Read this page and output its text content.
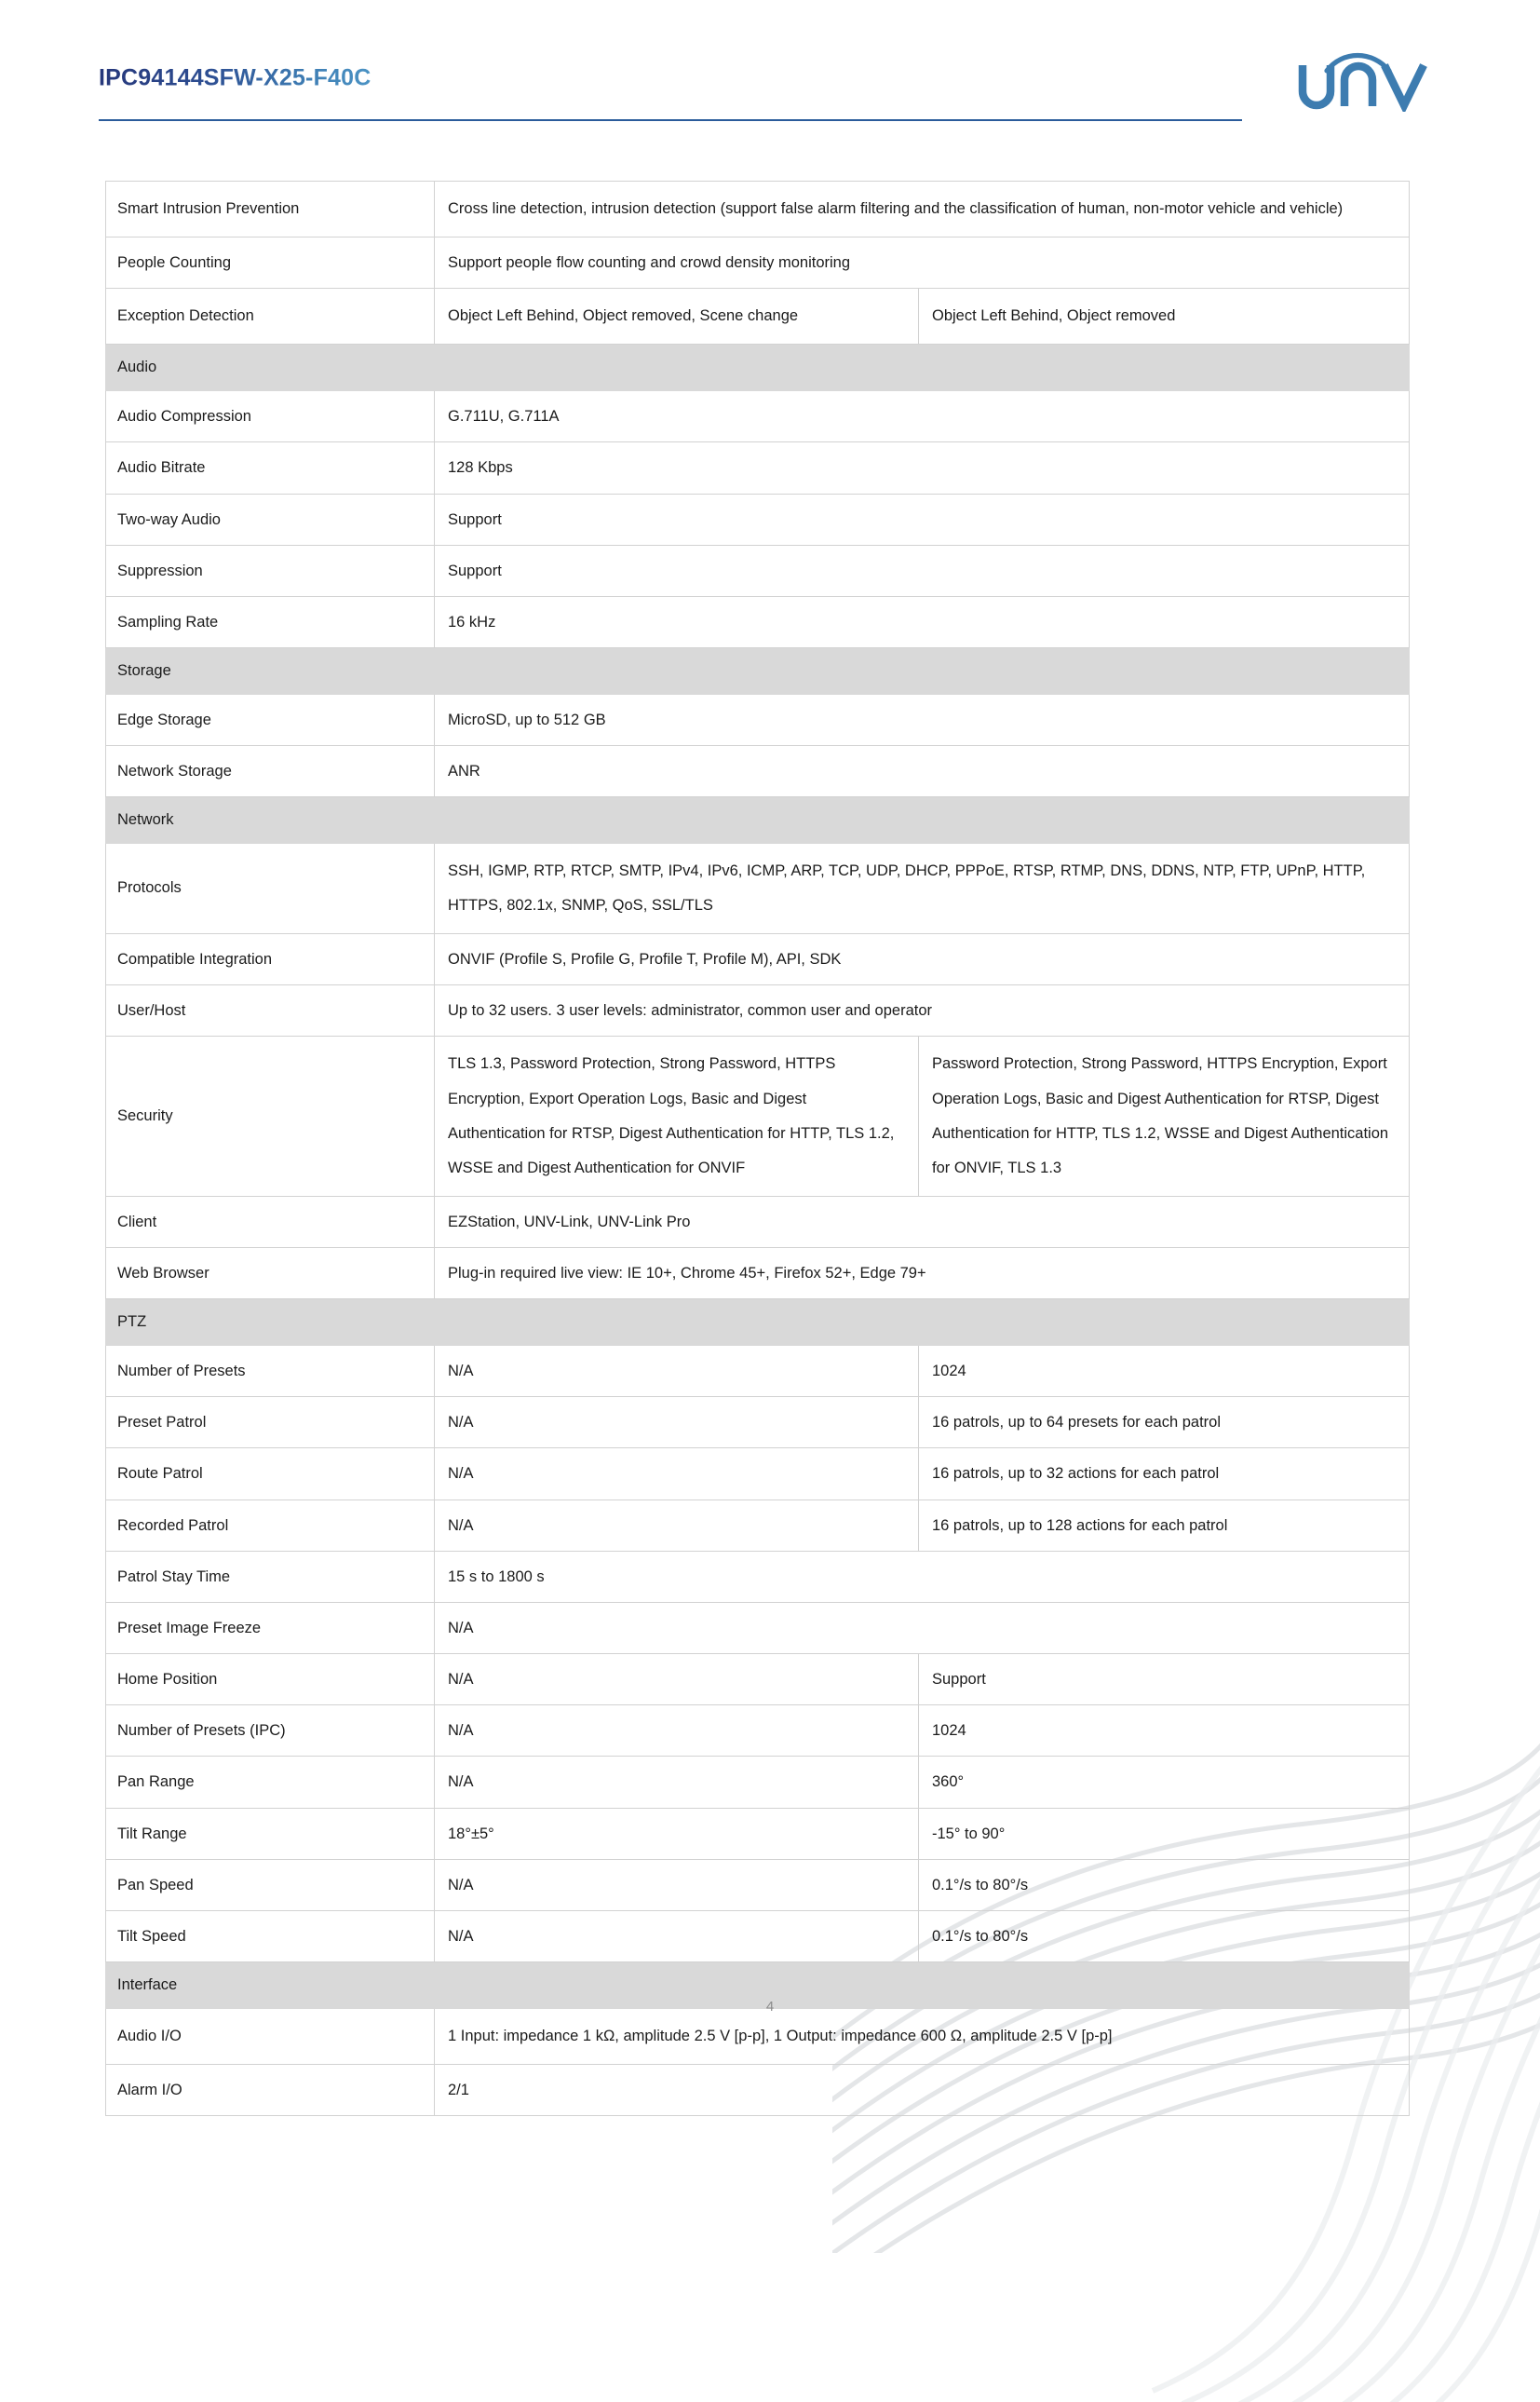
IPC94144SFW-X25-F40C
Smart Intrusion Prevention	Cross line detection, intrusion detection (support false alarm filtering and the classification of human, non-motor vehicle and vehicle)	
People Counting	Support people flow counting and crowd density monitoring	
Exception Detection	Object Left Behind, Object removed, Scene change	Object Left Behind, Object removed
Audio		
Audio Compression	G.711U, G.711A	
Audio Bitrate	128 Kbps	
Two-way Audio	Support	
Suppression	Support	
Sampling Rate	16 kHz	
Storage		
Edge Storage	MicroSD, up to 512 GB	
Network Storage	ANR	
Network		
Protocols	SSH, IGMP, RTP, RTCP, SMTP, IPv4, IPv6, ICMP, ARP, TCP, UDP, DHCP, PPPoE, RTSP, RTMP, DNS, DDNS, NTP, FTP, UPnP, HTTP, HTTPS, 802.1x, SNMP, QoS, SSL/TLS	
Compatible Integration	ONVIF (Profile S, Profile G, Profile T, Profile M), API, SDK	
User/Host	Up to 32 users. 3 user levels: administrator, common user and operator	
Security	TLS 1.3, Password Protection, Strong Password, HTTPS Encryption, Export Operation Logs, Basic and Digest Authentication for RTSP, Digest Authentication for HTTP, TLS 1.2, WSSE and Digest Authentication for ONVIF	Password Protection, Strong Password, HTTPS Encryption, Export Operation Logs, Basic and Digest Authentication for RTSP, Digest Authentication for HTTP, TLS 1.2, WSSE and Digest Authentication for ONVIF, TLS 1.3
Client	EZStation, UNV-Link, UNV-Link Pro	
Web Browser	Plug-in required live view: IE 10+, Chrome 45+, Firefox 52+, Edge 79+	
PTZ		
Number of Presets	N/A	1024
Preset Patrol	N/A	16 patrols, up to 64 presets for each patrol
Route Patrol	N/A	16 patrols, up to 32 actions for each patrol
Recorded Patrol	N/A	16 patrols, up to 128 actions for each patrol
Patrol Stay Time	15 s to 1800 s	
Preset Image Freeze	N/A	
Home Position	N/A	Support
Number of Presets (IPC)	N/A	1024
Pan Range	N/A	360°
Tilt Range	18°±5°	-15° to 90°
Pan Speed	N/A	0.1°/s to 80°/s
Tilt Speed	N/A	0.1°/s to 80°/s
Interface		
Audio I/O	1 Input: impedance 1 kΩ, amplitude 2.5 V [p-p], 1 Output: impedance 600 Ω, amplitude 2.5 V [p-p]	
Alarm I/O	2/1	
4
